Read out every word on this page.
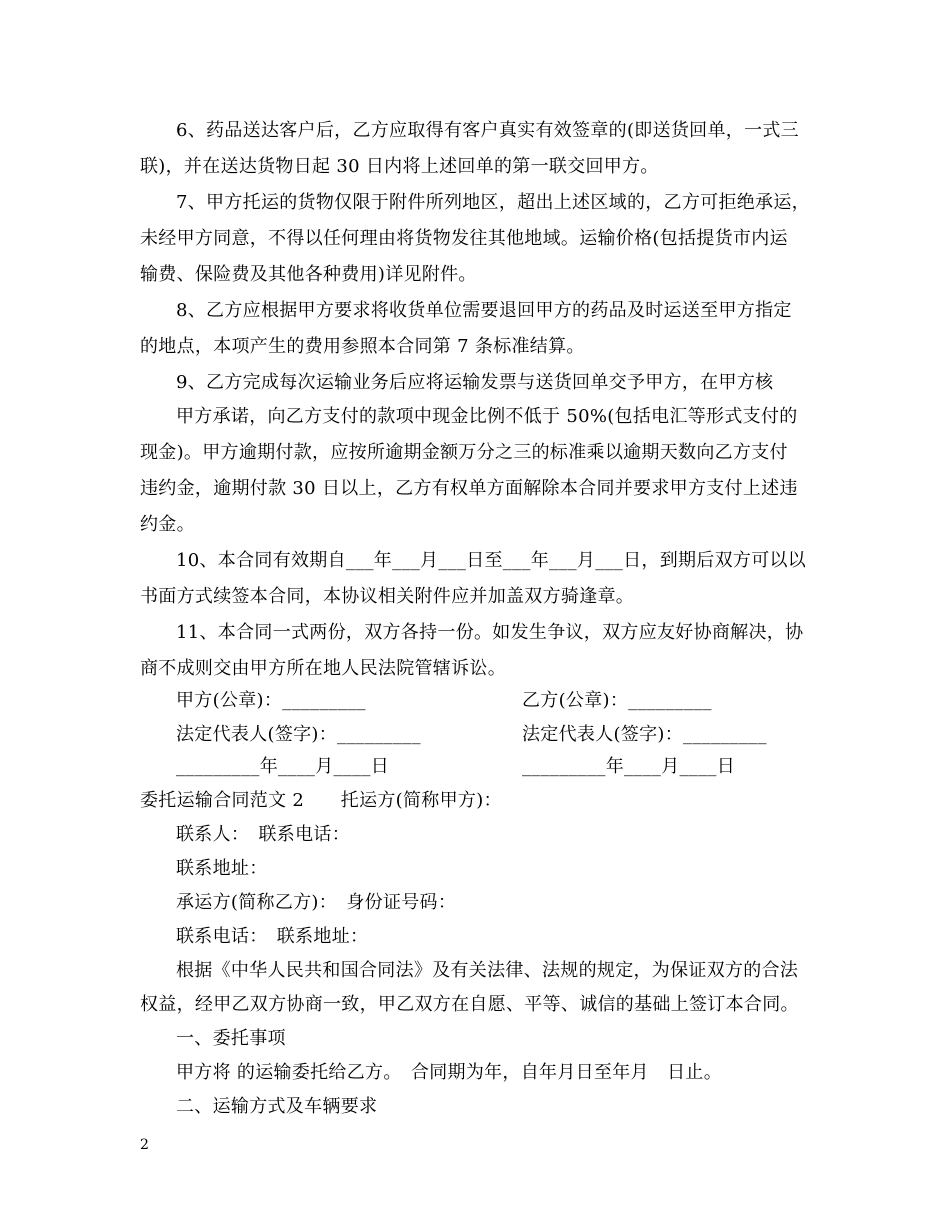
6、药品送达客户后，乙方应取得有客户真实有效签章的(即送货回单，一式三
联)，并在送达货物日起 30 日内将上述回单的第一联交回甲方。
7、甲方托运的货物仅限于附件所列地区，超出上述区域的，乙方可拒绝承运，
未经甲方同意，不得以任何理由将货物发往其他地域。运输价格(包括提货市内运
输费、保险费及其他各种费用)详见附件。
8、乙方应根据甲方要求将收货单位需要退回甲方的药品及时运送至甲方指定
的地点，本项产生的费用参照本合同第 7 条标准结算。
9、乙方完成每次运输业务后应将运输发票与送货回单交予甲方，在甲方核
甲方承诺，向乙方支付的款项中现金比例不低于 50%(包括电汇等形式支付的
现金)。甲方逾期付款，应按所逾期金额万分之三的标准乘以逾期天数向乙方支付
违约金，逾期付款 30 日以上，乙方有权单方面解除本合同并要求甲方支付上述违
约金。
10、本合同有效期自___年___月___日至___年___月___日，到期后双方可以以
书面方式续签本合同，本协议相关附件应并加盖双方骑逢章。
11、本合同一式两份，双方各持一份。如发生争议，双方应友好协商解决，协
商不成则交由甲方所在地人民法院管辖诉讼。
甲方(公章)：_________	乙方(公章)：_________
法定代表人(签字)：_________	法定代表人(签字)：_________
_________年____月____日	_________年____月____日
委托运输合同范文 2　　托运方(简称甲方)：
联系人：　联系电话：
联系地址：
承运方(简称乙方)：　身份证号码：
联系电话：　联系地址：
根据《中华人民共和国合同法》及有关法律、法规的规定，为保证双方的合法
权益，经甲乙双方协商一致，甲乙双方在自愿、平等、诚信的基础上签订本合同。
一、委托事项
甲方将 的运输委托给乙方。　合同期为年，自年月日至年月　日止。
二、运输方式及车辆要求
2
